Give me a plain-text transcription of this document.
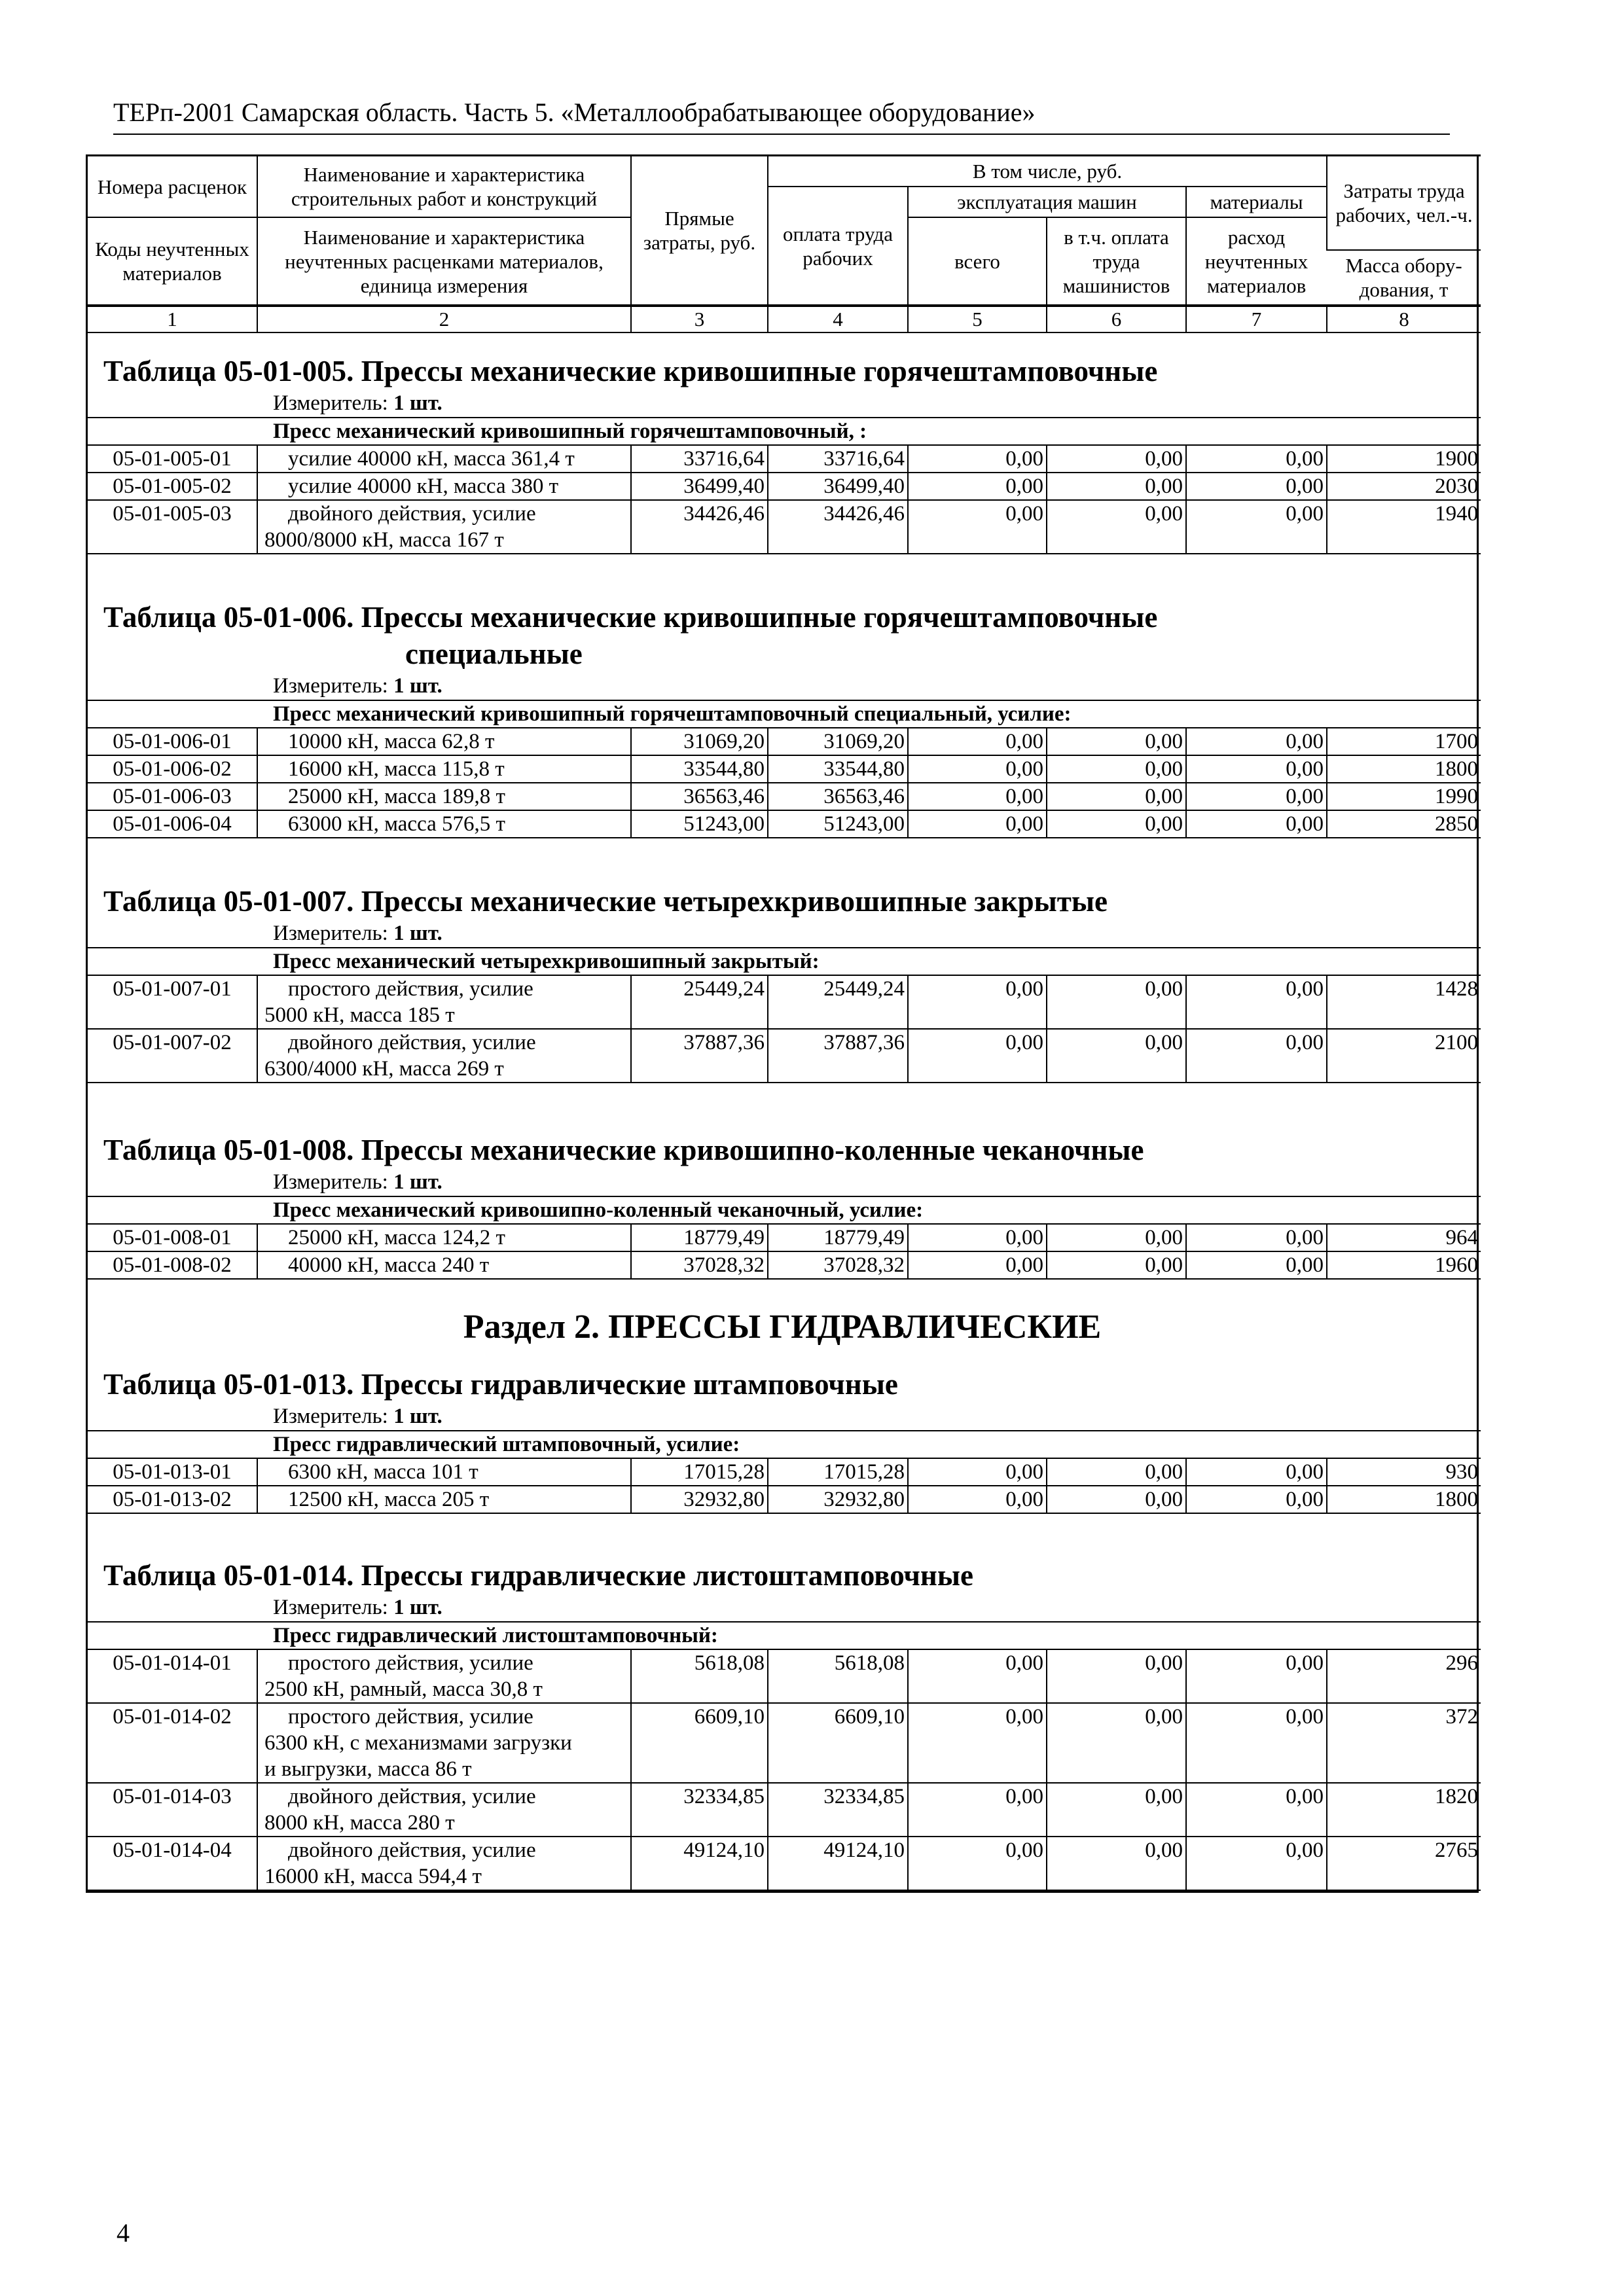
ТЕРп-2001 Самарская область. Часть 5. «Металлообрабатывающее оборудование»
Номера расценок	Наименование и характеристика строительных работ и конструкций	Прямые затраты, руб.	В том числе, руб.				Затраты труда рабочих, чел.-ч.
			оплата труда рабочих	эксплуатация машин		материалы	
Коды неучтенных материалов	Наименование и характеристика неучтенных расценками материалов, единица измерения			всего	в т.ч. оплата труда машинистов	расход неучтенных материалов	
							Масса обору-дования, т
1	2	3	4	5	6	7	8
Таблица 05-01-005. Прессы механические кривошипные горячештамповочные
Измеритель: 1 шт.
Пресс механический кривошипный горячештамповочный, :							
05-01-005-01	усилие 40000 кН, масса 361,4 т	33716,64	33716,64	0,00	0,00	0,00	1900
05-01-005-02	усилие 40000 кН, масса 380 т	36499,40	36499,40	0,00	0,00	0,00	2030
05-01-005-03	двойного действия, усилие
8000/8000 кН, масса 167 т	34426,46	34426,46	0,00	0,00	0,00	1940
Таблица 05-01-006. Прессы механические кривошипные горячештамповочные
специальные
Измеритель: 1 шт.
Пресс механический кривошипный горячештамповочный специальный, усилие:							
05-01-006-01	10000 кН, масса 62,8 т	31069,20	31069,20	0,00	0,00	0,00	1700
05-01-006-02	16000 кН, масса 115,8 т	33544,80	33544,80	0,00	0,00	0,00	1800
05-01-006-03	25000 кН, масса 189,8 т	36563,46	36563,46	0,00	0,00	0,00	1990
05-01-006-04	63000 кН, масса 576,5 т	51243,00	51243,00	0,00	0,00	0,00	2850
Таблица 05-01-007. Прессы механические четырехкривошипные закрытые
Измеритель: 1 шт.
Пресс механический четырехкривошипный закрытый:							
05-01-007-01	простого действия, усилие
5000 кН, масса 185 т	25449,24	25449,24	0,00	0,00	0,00	1428
05-01-007-02	двойного действия, усилие
6300/4000 кН, масса 269 т	37887,36	37887,36	0,00	0,00	0,00	2100
Таблица 05-01-008. Прессы механические кривошипно-коленные чеканочные
Измеритель: 1 шт.
Пресс механический кривошипно-коленный чеканочный, усилие:							
05-01-008-01	25000 кН, масса 124,2 т	18779,49	18779,49	0,00	0,00	0,00	964
05-01-008-02	40000 кН, масса 240 т	37028,32	37028,32	0,00	0,00	0,00	1960
Раздел 2. ПРЕССЫ ГИДРАВЛИЧЕСКИЕ
Таблица 05-01-013. Прессы гидравлические штамповочные
Измеритель: 1 шт.
Пресс гидравлический штамповочный, усилие:							
05-01-013-01	6300 кН, масса 101 т	17015,28	17015,28	0,00	0,00	0,00	930
05-01-013-02	12500 кН, масса 205 т	32932,80	32932,80	0,00	0,00	0,00	1800
Таблица 05-01-014. Прессы гидравлические листоштамповочные
Измеритель: 1 шт.
Пресс гидравлический листоштамповочный:							
05-01-014-01	простого действия, усилие
2500 кН, рамный, масса 30,8 т	5618,08	5618,08	0,00	0,00	0,00	296
05-01-014-02	простого действия, усилие
6300 кН, с механизмами загрузки
и выгрузки, масса 86 т	6609,10	6609,10	0,00	0,00	0,00	372
05-01-014-03	двойного действия, усилие
8000 кН, масса 280 т	32334,85	32334,85	0,00	0,00	0,00	1820
05-01-014-04	двойного действия, усилие
16000 кН, масса 594,4 т	49124,10	49124,10	0,00	0,00	0,00	2765
4
